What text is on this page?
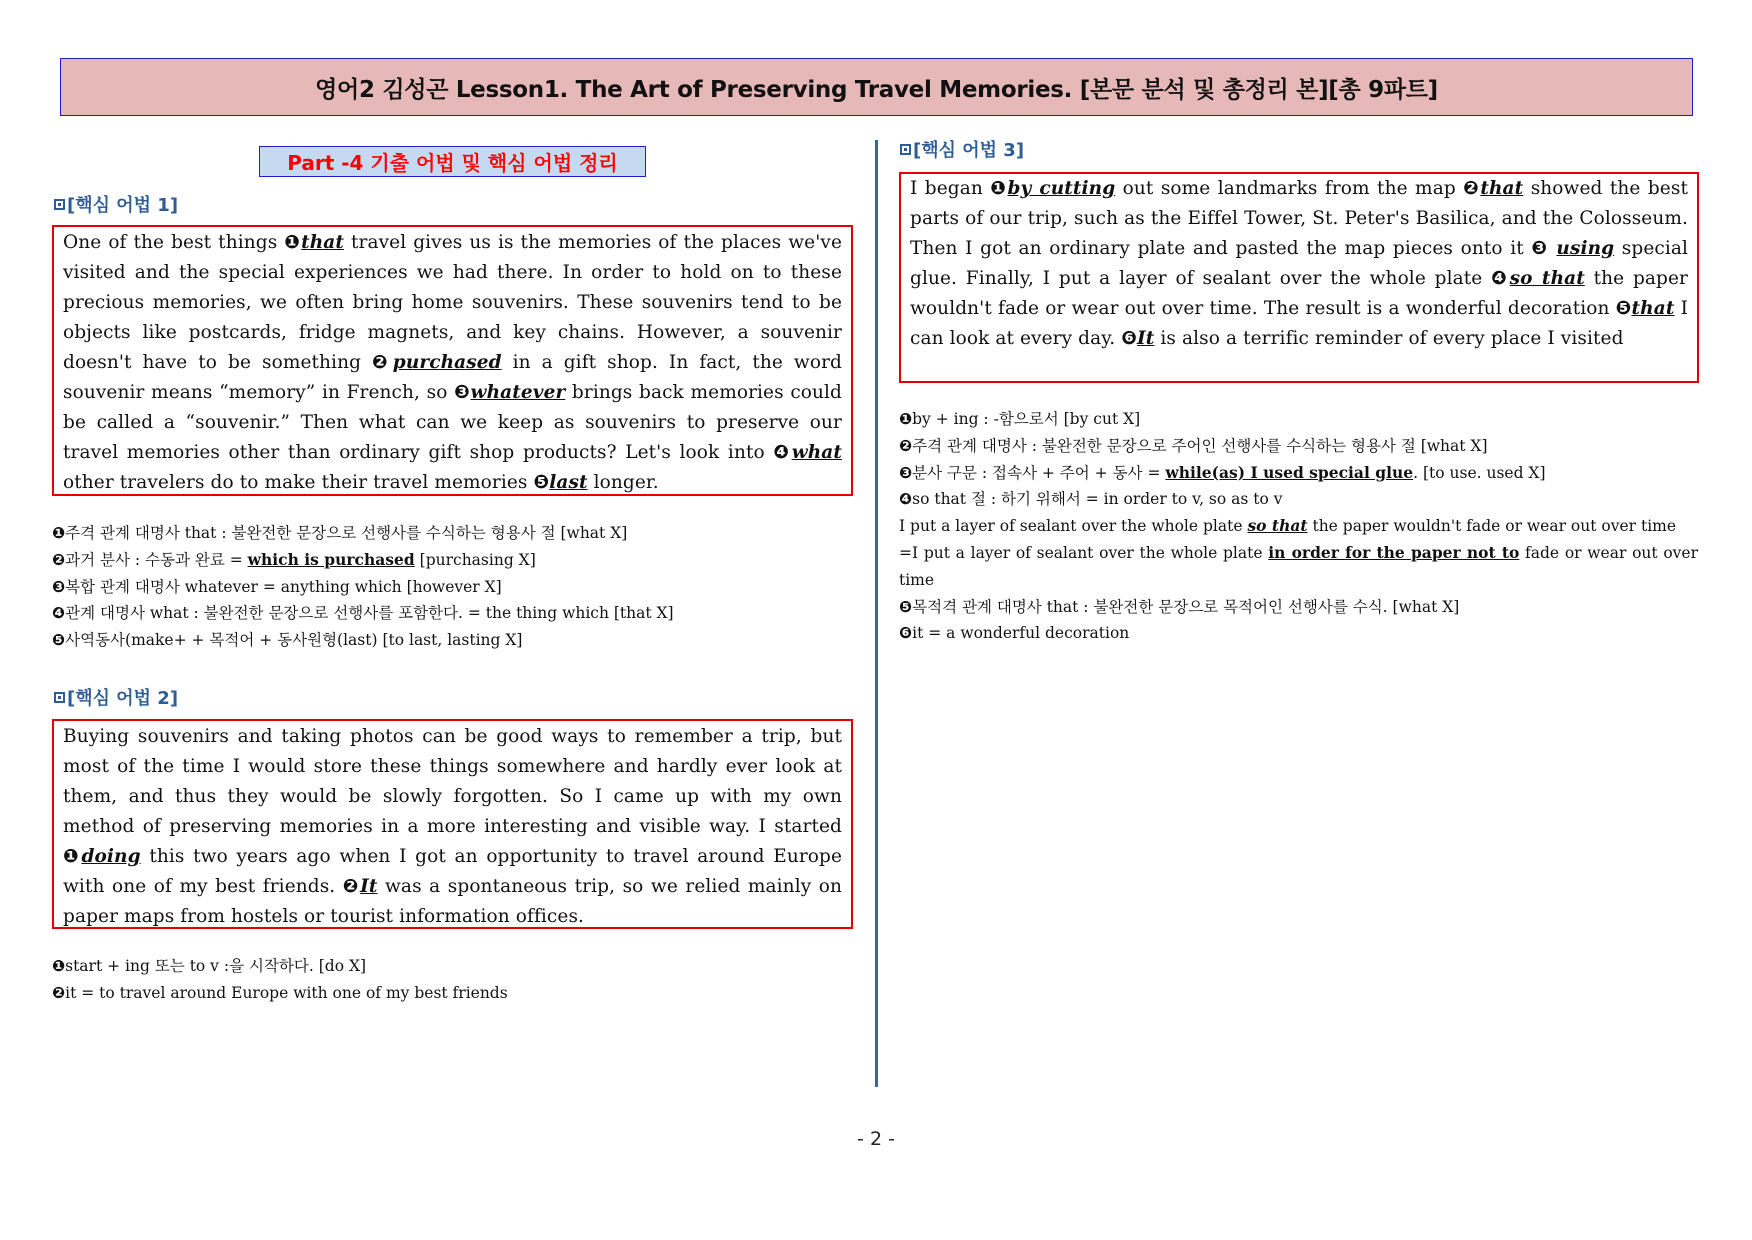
영어2 김성곤 Lesson1. The Art of Preserving Travel Memories. [본문 분석 및 총정리 본][총 9파트]
Part -4 기출 어법 및 핵심 어법 정리
[핵심 어법 1]

One of the best things ❶that travel gives us is the memories of the places we've visited and the special experiences we had there. In order to hold on to these precious memories, we often bring home souvenirs. These souvenirs tend to be objects like postcards, fridge magnets, and key chains. However, a souvenir doesn't have to be something ❷purchased in a gift shop. In fact, the word souvenir means “memory” in French, so ❸whatever brings back memories could be called a “souvenir.” Then what can we keep as souvenirs to preserve our travel memories other than ordinary gift shop products? Let's look into ❹what other travelers do to make their travel memories ❺last longer.

❶주격 관계 대명사 that : 불완전한 문장으로 선행사를 수식하는 형용사 절 [what X]
❷과거 분사 : 수동과 완료 = which is purchased [purchasing X]
❸복합 관계 대명사 whatever = anything which [however X]
❹관계 대명사 what : 불완전한 문장으로 선행사를 포함한다. = the thing which [that X]
❺사역동사(make+ + 목적어 + 동사원형(last) [to last, lasting X]
[핵심 어법 2]

Buying souvenirs and taking photos can be good ways to remember a trip, but most of the time I would store these things somewhere and hardly ever look at them, and thus they would be slowly forgotten. So I came up with my own method of preserving memories in a more interesting and visible way. I started ❶doing this two years ago when I got an opportunity to travel around Europe with one of my best friends. ❷It was a spontaneous trip, so we relied mainly on paper maps from hostels or tourist information offices.

❶start + ing 또는 to v :을 시작하다. [do X]
❷it = to travel around Europe with one of my best friends
[핵심 어법 3]

I began ❶by cutting out some landmarks from the map ❷that showed the best parts of our trip, such as the Eiffel Tower, St. Peter's Basilica, and the Colosseum. Then I got an ordinary plate and pasted the map pieces onto it ❸ using special glue. Finally, I put a layer of sealant over the whole plate ❹so that the paper wouldn't fade or wear out over time. The result is a wonderful decoration ❺that I can look at every day. ❻It is also a terrific reminder of every place I visited

❶by + ing : -함으로서 [by cut X]
❷주격 관계 대명사 : 불완전한 문장으로 주어인 선행사를 수식하는 형용사 절 [what X]
❸분사 구문 : 접속사 + 주어 + 동사 = while(as) I used special glue. [to use. used X]
❹so that 절 : 하기 위해서 = in order to v, so as to v
I put a layer of sealant over the whole plate so that the paper wouldn't fade or wear out over time
=I put a layer of sealant over the whole plate in order for the paper not to fade or wear out over time
❺목적격 관계 대명사 that : 불완전한 문장으로 목적어인 선행사를 수식. [what X]
❻it = a wonderful decoration
- 2 -
